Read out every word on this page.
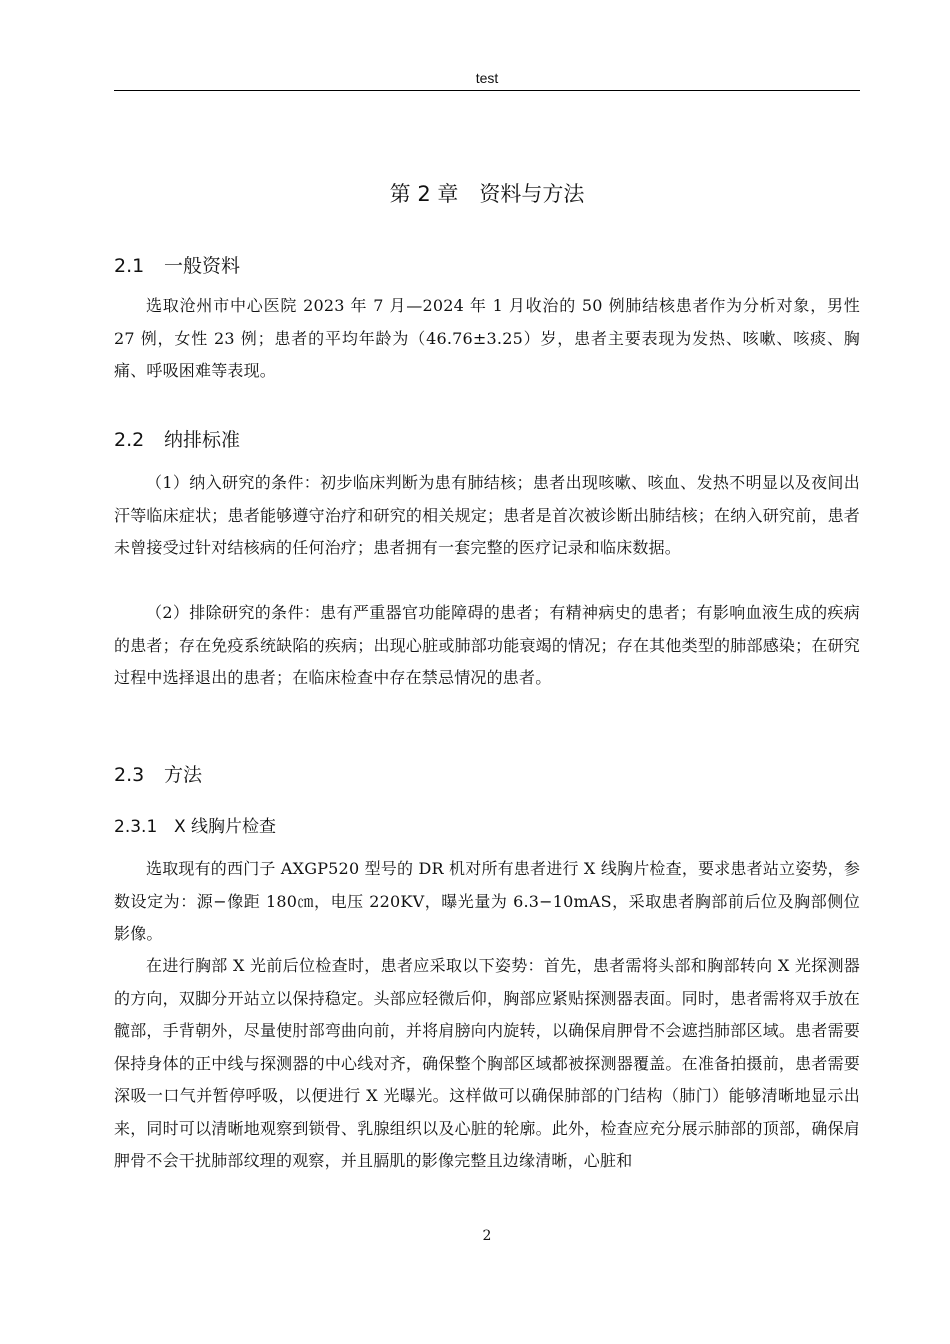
test
第 2 章　资料与方法
2.1 一般资料

选取沧州市中心医院 2023 年 7 月—2024 年 1 月收治的 50 例肺结核患者作为分析对象，男性 27 例，女性 23 例；患者的平均年龄为（46.76±3.25）岁，患者主要表现为发热、咳嗽、咳痰、胸痛、呼吸困难等表现。

2.2 纳排标准

（1）纳入研究的条件：初步临床判断为患有肺结核；患者出现咳嗽、咳血、发热不明显以及夜间出汗等临床症状；患者能够遵守治疗和研究的相关规定；患者是首次被诊断出肺结核；在纳入研究前，患者未曾接受过针对结核病的任何治疗；患者拥有一套完整的医疗记录和临床数据。

（2）排除研究的条件：患有严重器官功能障碍的患者；有精神病史的患者；有影响血液生成的疾病的患者；存在免疫系统缺陷的疾病；出现心脏或肺部功能衰竭的情况；存在其他类型的肺部感染；在研究过程中选择退出的患者；在临床检查中存在禁忌情况的患者。

2.3 方法
2.3.1 X 线胸片检查

选取现有的西门子 AXGP520 型号的 DR 机对所有患者进行 X 线胸片检查，要求患者站立姿势，参数设定为：源−像距 180㎝，电压 220KV，曝光量为 6.3−10mAS，采取患者胸部前后位及胸部侧位影像。

在进行胸部 X 光前后位检查时，患者应采取以下姿势：首先，患者需将头部和胸部转向 X 光探测器的方向，双脚分开站立以保持稳定。头部应轻微后仰，胸部应紧贴探测器表面。同时，患者需将双手放在髋部，手背朝外，尽量使肘部弯曲向前，并将肩膀向内旋转，以确保肩胛骨不会遮挡肺部区域。患者需要保持身体的正中线与探测器的中心线对齐，确保整个胸部区域都被探测器覆盖。在准备拍摄前，患者需要深吸一口气并暂停呼吸，以便进行 X 光曝光。这样做可以确保肺部的门结构（肺门）能够清晰地显示出来，同时可以清晰地观察到锁骨、乳腺组织以及心脏的轮廓。此外，检查应充分展示肺部的顶部，确保肩胛骨不会干扰肺部纹理的观察，并且膈肌的影像完整且边缘清晰，心脏和

2
